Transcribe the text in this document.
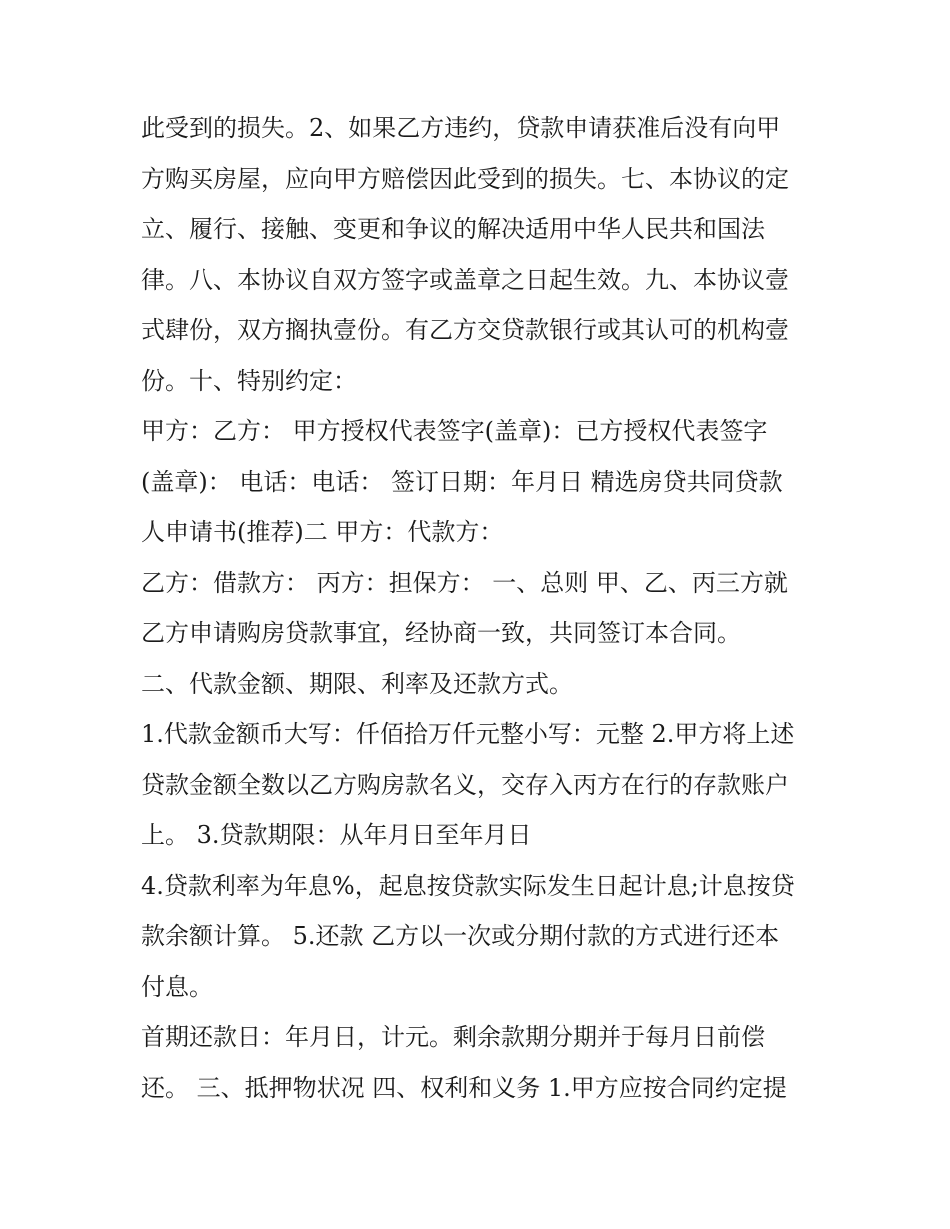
此受到的损失。2、如果乙方违约，贷款申请获准后没有向甲
方购买房屋，应向甲方赔偿因此受到的损失。七、本协议的定
立、履行、接触、变更和争议的解决适用中华人民共和国法
律。八、本协议自双方签字或盖章之日起生效。九、本协议壹
式肆份，双方搁执壹份。有乙方交贷款银行或其认可的机构壹
份。十、特别约定：
甲方：乙方： 甲方授权代表签字(盖章)：已方授权代表签字
(盖章)： 电话：电话： 签订日期：年月日 精选房贷共同贷款
人申请书(推荐)二 甲方：代款方：
乙方：借款方： 丙方：担保方： 一、总则 甲、乙、丙三方就
乙方申请购房贷款事宜，经协商一致，共同签订本合同。
二、代款金额、期限、利率及还款方式。
1.代款金额币大写：仟佰拾万仟元整小写：元整 2.甲方将上述
贷款金额全数以乙方购房款名义，交存入丙方在行的存款账户
上。 3.贷款期限：从年月日至年月日
4.贷款利率为年息%，起息按贷款实际发生日起计息;计息按贷
款余额计算。 5.还款 乙方以一次或分期付款的方式进行还本
付息。
首期还款日：年月日，计元。剩余款期分期并于每月日前偿
还。 三、抵押物状况 四、权利和义务 1.甲方应按合同约定提
